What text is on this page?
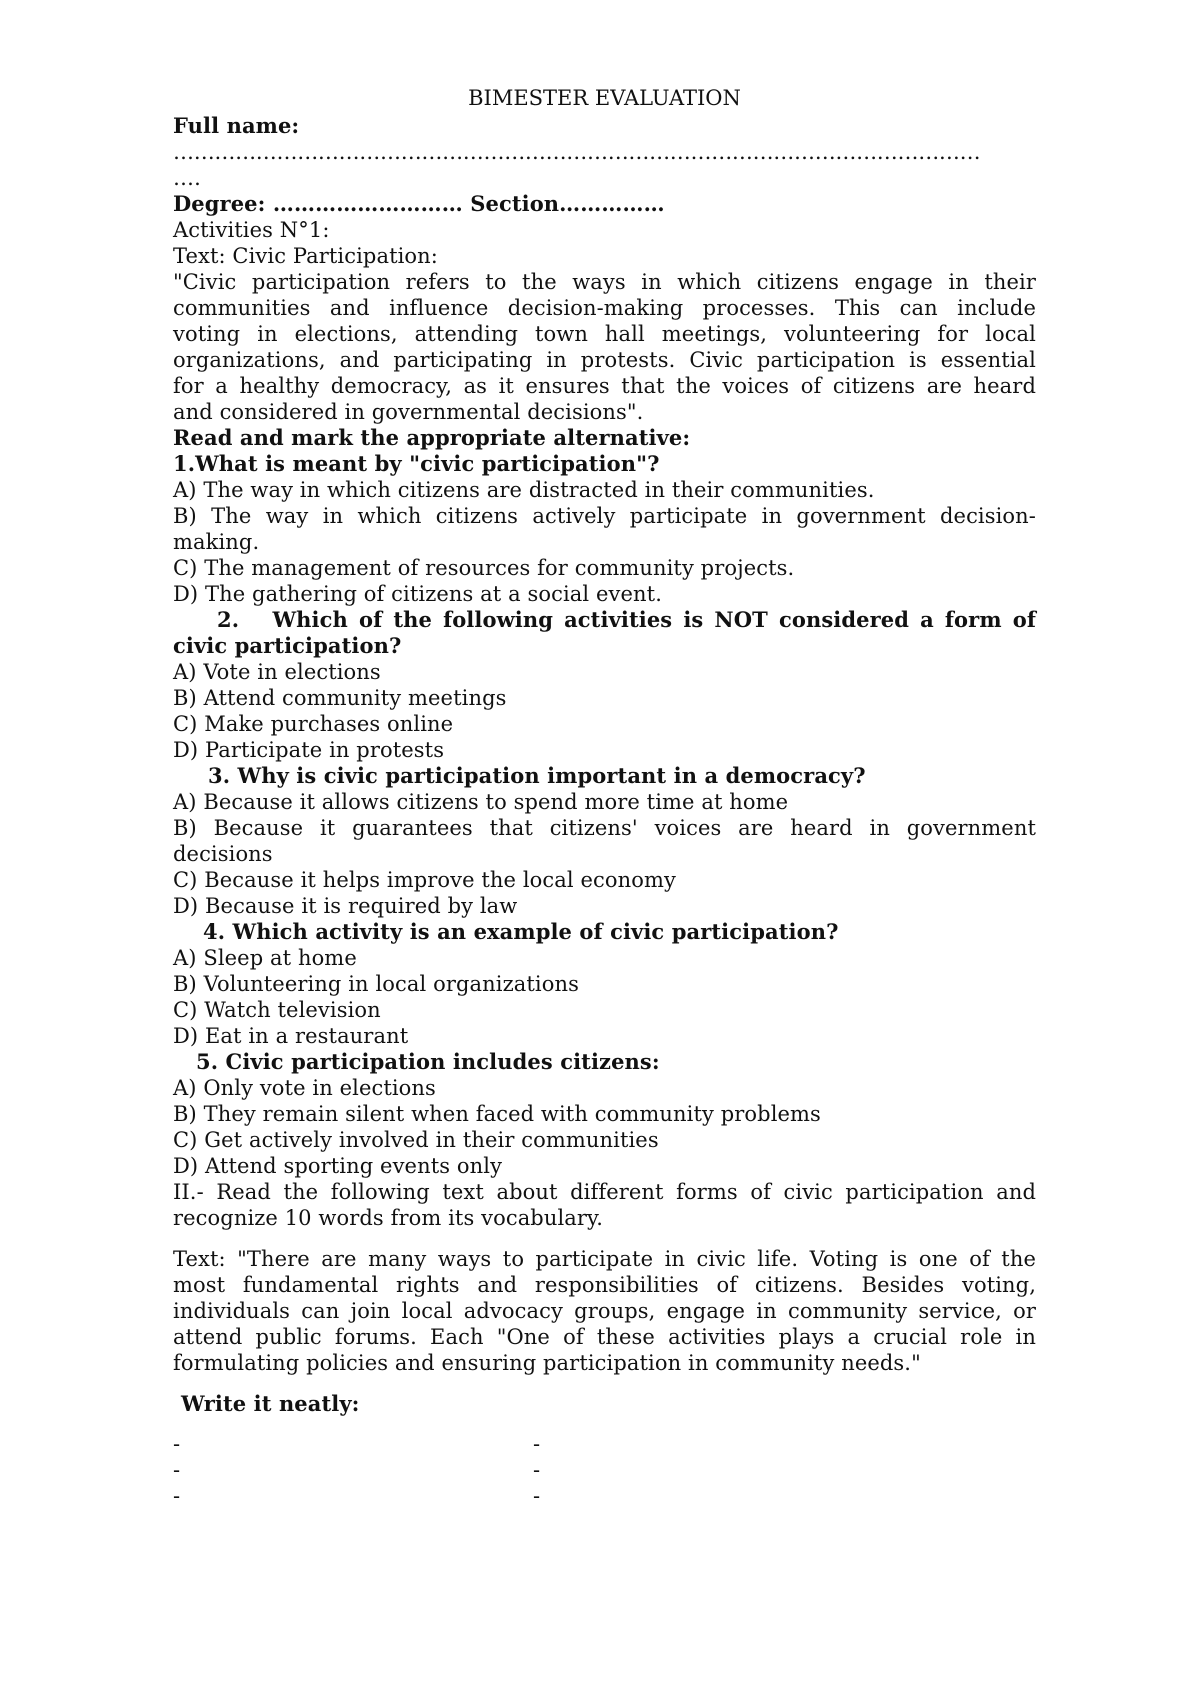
BIMESTER EVALUATION
Full name:
………………………………………………………………………………………………………
….
Degree: ……………………… Section……………
Activities N°1:
Text: Civic Participation:
"Civic participation refers to the ways in which citizens engage in their
communities and influence decision-making processes. This can include
voting in elections, attending town hall meetings, volunteering for local
organizations, and participating in protests. Civic participation is essential
for a healthy democracy, as it ensures that the voices of citizens are heard
and considered in governmental decisions".
Read and mark the appropriate alternative:
1.What is meant by "civic participation"?
A) The way in which citizens are distracted in their communities.
B) The way in which citizens actively participate in government decision-
making.
C) The management of resources for community projects.
D) The gathering of citizens at a social event.
2.   Which of the following activities is NOT considered a form of
civic participation?
A) Vote in elections
B) Attend community meetings
C) Make purchases online
D) Participate in protests
3. Why is civic participation important in a democracy?
A) Because it allows citizens to spend more time at home
B) Because it guarantees that citizens' voices are heard in government
decisions
C) Because it helps improve the local economy
D) Because it is required by law
4. Which activity is an example of civic participation?
A) Sleep at home
B) Volunteering in local organizations
C) Watch television
D) Eat in a restaurant
5. Civic participation includes citizens:
A) Only vote in elections
B) They remain silent when faced with community problems
C) Get actively involved in their communities
D) Attend sporting events only
II.- Read the following text about different forms of civic participation and
recognize 10 words from its vocabulary.
Text: "There are many ways to participate in civic life. Voting is one of the
most fundamental rights and responsibilities of citizens. Besides voting,
individuals can join local advocacy groups, engage in community service, or
attend public forums. Each "One of these activities plays a crucial role in
formulating policies and ensuring participation in community needs."
Write it neatly:
-	-
-	-
-	-
